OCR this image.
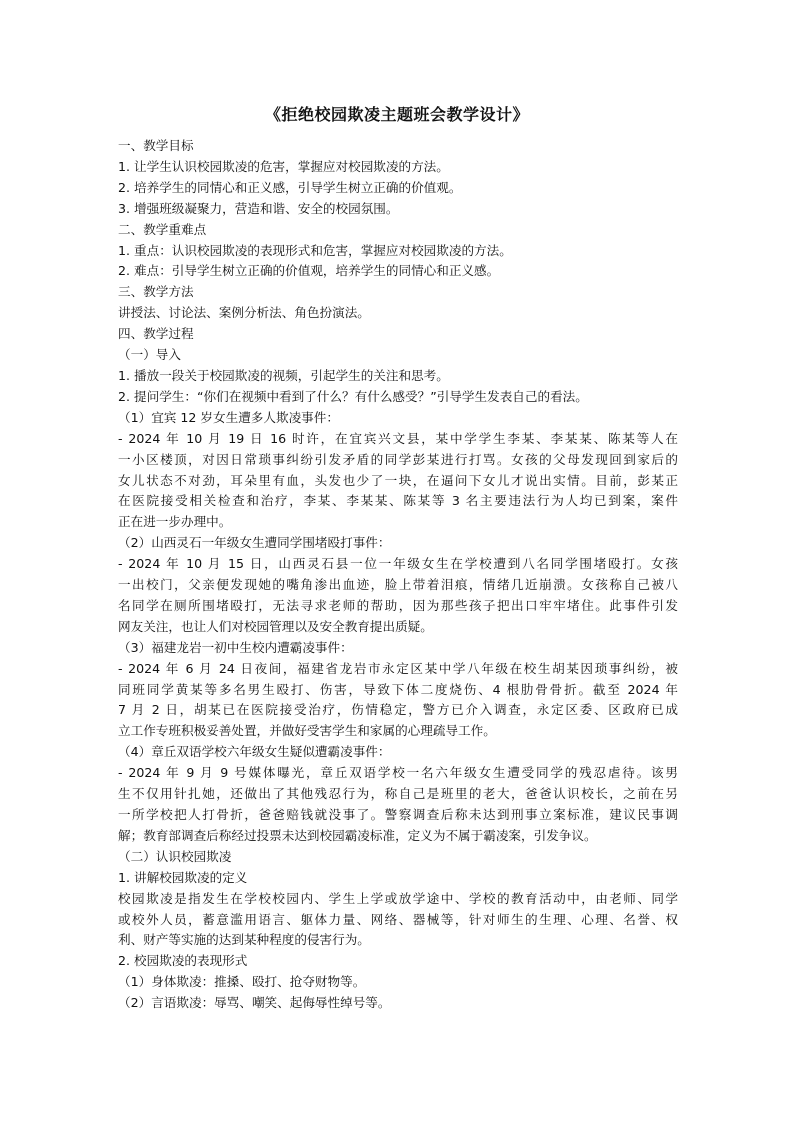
《拒绝校园欺凌主题班会教学设计》

一、教学目标

1. 让学生认识校园欺凌的危害，掌握应对校园欺凌的方法。

2. 培养学生的同情心和正义感，引导学生树立正确的价值观。

3. 增强班级凝聚力，营造和谐、安全的校园氛围。

二、教学重难点

1. 重点：认识校园欺凌的表现形式和危害，掌握应对校园欺凌的方法。

2. 难点：引导学生树立正确的价值观，培养学生的同情心和正义感。

三、教学方法

讲授法、讨论法、案例分析法、角色扮演法。

四、教学过程

（一）导入

1. 播放一段关于校园欺凌的视频，引起学生的关注和思考。

2. 提问学生：“你们在视频中看到了什么？有什么感受？”引导学生发表自己的看法。

（1）宜宾 12 岁女生遭多人欺凌事件：

- 2024 年 10 月 19 日 16 时许，在宜宾兴文县，某中学学生李某、李某某、陈某等人在

一小区楼顶，对因日常琐事纠纷引发矛盾的同学彭某进行打骂。女孩的父母发现回到家后的

女儿状态不对劲，耳朵里有血，头发也少了一块，在逼问下女儿才说出实情。目前，彭某正

在医院接受相关检查和治疗，李某、李某某、陈某等 3 名主要违法行为人均已到案，案件

正在进一步办理中。

（2）山西灵石一年级女生遭同学围堵殴打事件：

- 2024 年 10 月 15 日，山西灵石县一位一年级女生在学校遭到八名同学围堵殴打。女孩

一出校门，父亲便发现她的嘴角渗出血迹，脸上带着泪痕，情绪几近崩溃。女孩称自己被八

名同学在厕所围堵殴打，无法寻求老师的帮助，因为那些孩子把出口牢牢堵住。此事件引发

网友关注，也让人们对校园管理以及安全教育提出质疑。

（3）福建龙岩一初中生校内遭霸凌事件：

- 2024 年 6 月 24 日夜间，福建省龙岩市永定区某中学八年级在校生胡某因琐事纠纷，被

同班同学黄某等多名男生殴打、伤害，导致下体二度烧伤、4 根肋骨骨折。截至 2024 年

7 月 2 日，胡某已在医院接受治疗，伤情稳定，警方已介入调查，永定区委、区政府已成

立工作专班积极妥善处置，并做好受害学生和家属的心理疏导工作。

（4）章丘双语学校六年级女生疑似遭霸凌事件：

- 2024 年 9 月 9 号媒体曝光，章丘双语学校一名六年级女生遭受同学的残忍虐待。该男

生不仅用针扎她，还做出了其他残忍行为，称自己是班里的老大，爸爸认识校长，之前在另

一所学校把人打骨折，爸爸赔钱就没事了。警察调查后称未达到刑事立案标准，建议民事调

解；教育部调查后称经过投票未达到校园霸凌标准，定义为不属于霸凌案，引发争议。

（二）认识校园欺凌

1. 讲解校园欺凌的定义

校园欺凌是指发生在学校校园内、学生上学或放学途中、学校的教育活动中，由老师、同学

或校外人员，蓄意滥用语言、躯体力量、网络、器械等，针对师生的生理、心理、名誉、权

利、财产等实施的达到某种程度的侵害行为。

2. 校园欺凌的表现形式

（1）身体欺凌：推搡、殴打、抢夺财物等。

（2）言语欺凌：辱骂、嘲笑、起侮辱性绰号等。
